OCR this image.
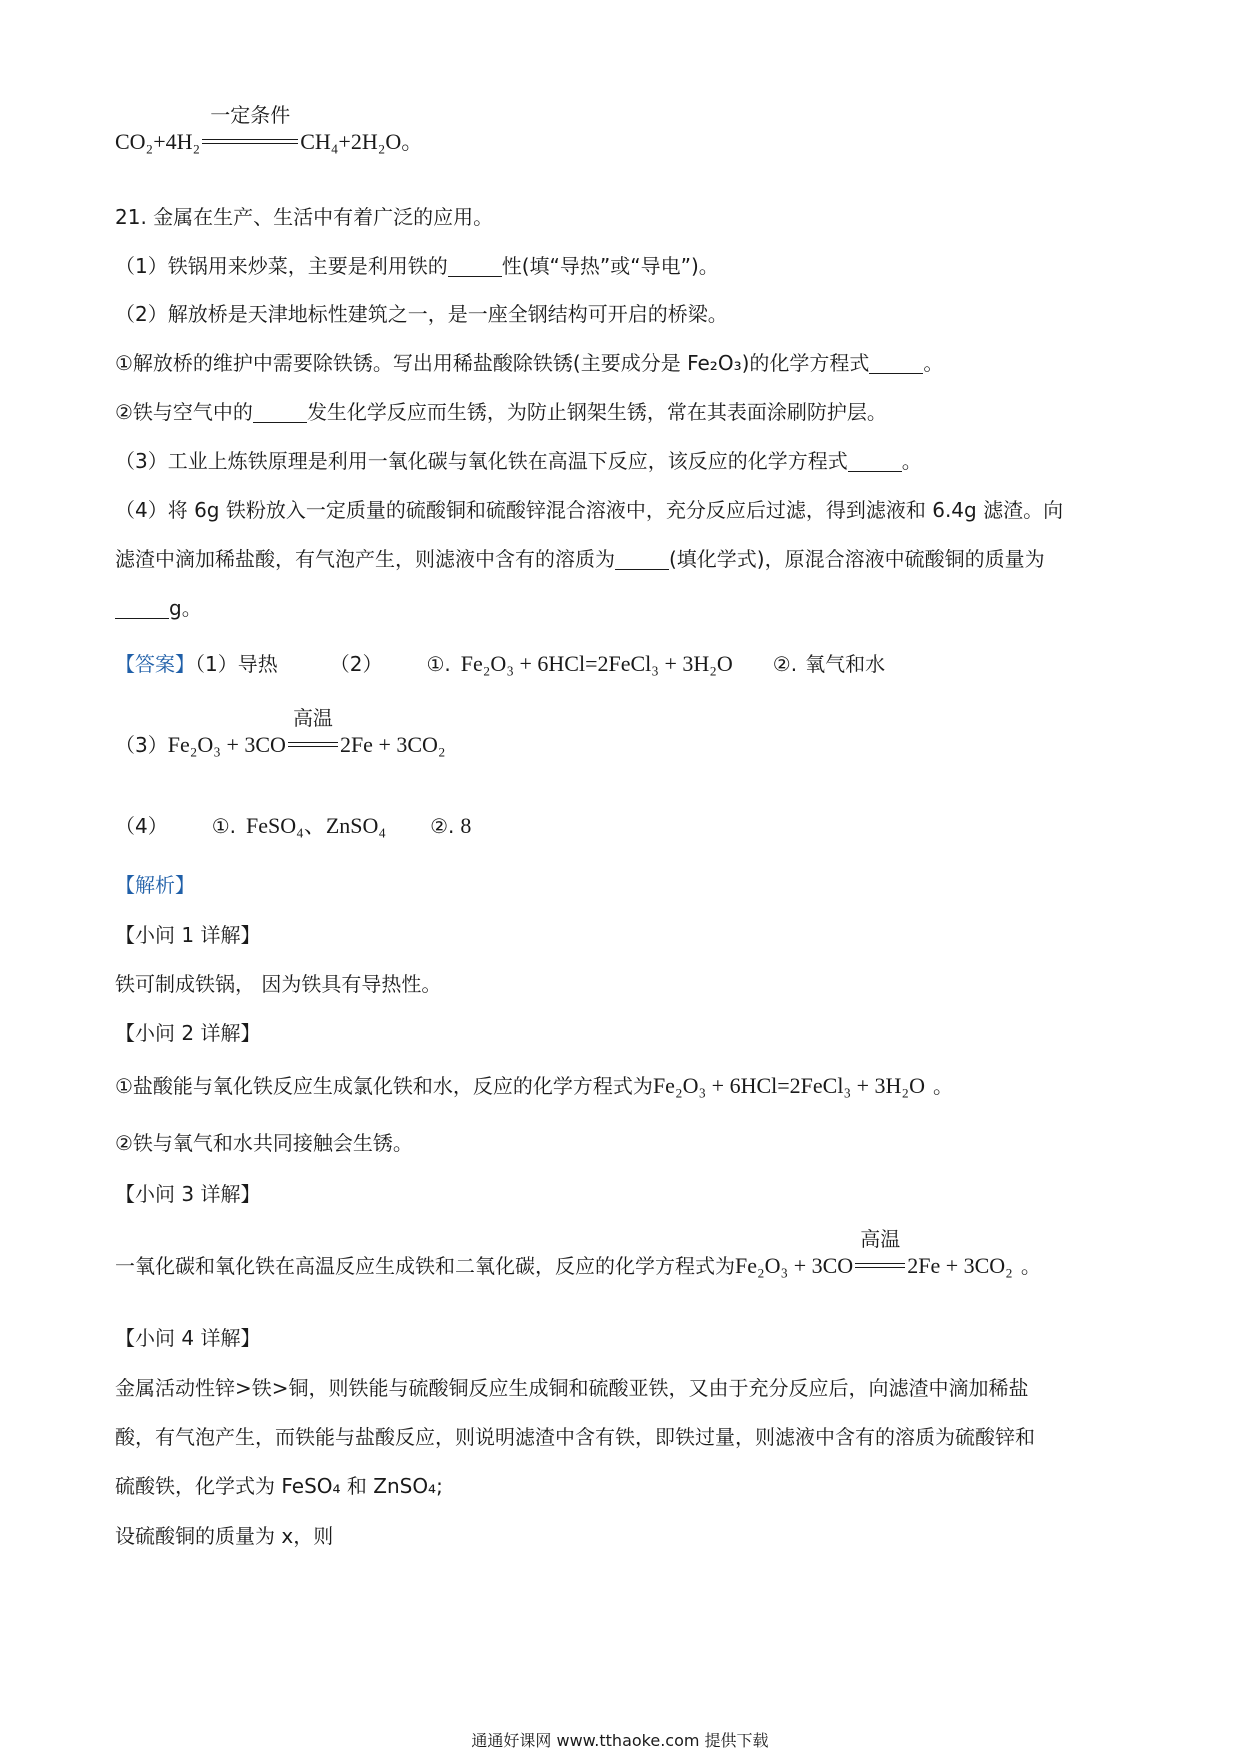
CO₂+4H₂
一定条件
CH₄+2H₂O。
21. 金属在生产、生活中有着广泛的应用。
（1）铁锅用来炒菜，主要是利用铁的	性(填“导热”或“导电”)。
（2）解放桥是天津地标性建筑之一，是一座全钢结构可开启的桥梁。
①解放桥的维护中需要除铁锈。写出用稀盐酸除铁锈(主要成分是 Fe₂O₃)的化学方程式	。
②铁与空气中的	发生化学反应而生锈，为防止钢架生锈，常在其表面涂刷防护层。
（3）工业上炼铁原理是利用一氧化碳与氧化铁在高温下反应，该反应的化学方程式	。
（4）将 6g 铁粉放入一定质量的硫酸铜和硫酸锌混合溶液中，充分反应后过滤，得到滤液和 6.4g 滤渣。向
滤渣中滴加稀盐酸，有气泡产生，则滤液中含有的溶质为	(填化学式)，原混合溶液中硫酸铜的质量为
g。
【答案】（1）导热	（2） ①. Fe₂O₃ + 6HCl=2FeCl₃ + 3H₂O ②. 氧气和水
（3）Fe₂O₃ + 3CO
高温
2Fe + 3CO₂
（4） ①. FeSO₄、ZnSO₄ ②. 8
【解析】
【小问 1 详解】
铁可制成铁锅， 因为铁具有导热性。
【小问 2 详解】
①盐酸能与氧化铁反应生成氯化铁和水，反应的化学方程式为Fe₂O₃ + 6HCl=2FeCl₃ + 3H₂O 。
②铁与氧气和水共同接触会生锈。
【小问 3 详解】
一氧化碳和氧化铁在高温反应生成铁和二氧化碳，反应的化学方程式为Fe₂O₃ + 3CO
高温
2Fe + 3CO₂ 。
【小问 4 详解】
金属活动性锌>铁>铜，则铁能与硫酸铜反应生成铜和硫酸亚铁，又由于充分反应后，向滤渣中滴加稀盐
酸，有气泡产生，而铁能与盐酸反应，则说明滤渣中含有铁，即铁过量，则滤液中含有的溶质为硫酸锌和
硫酸铁，化学式为 FeSO₄ 和 ZnSO₄;
设硫酸铜的质量为 x，则
通通好课网 www.tthaoke.com 提供下载
